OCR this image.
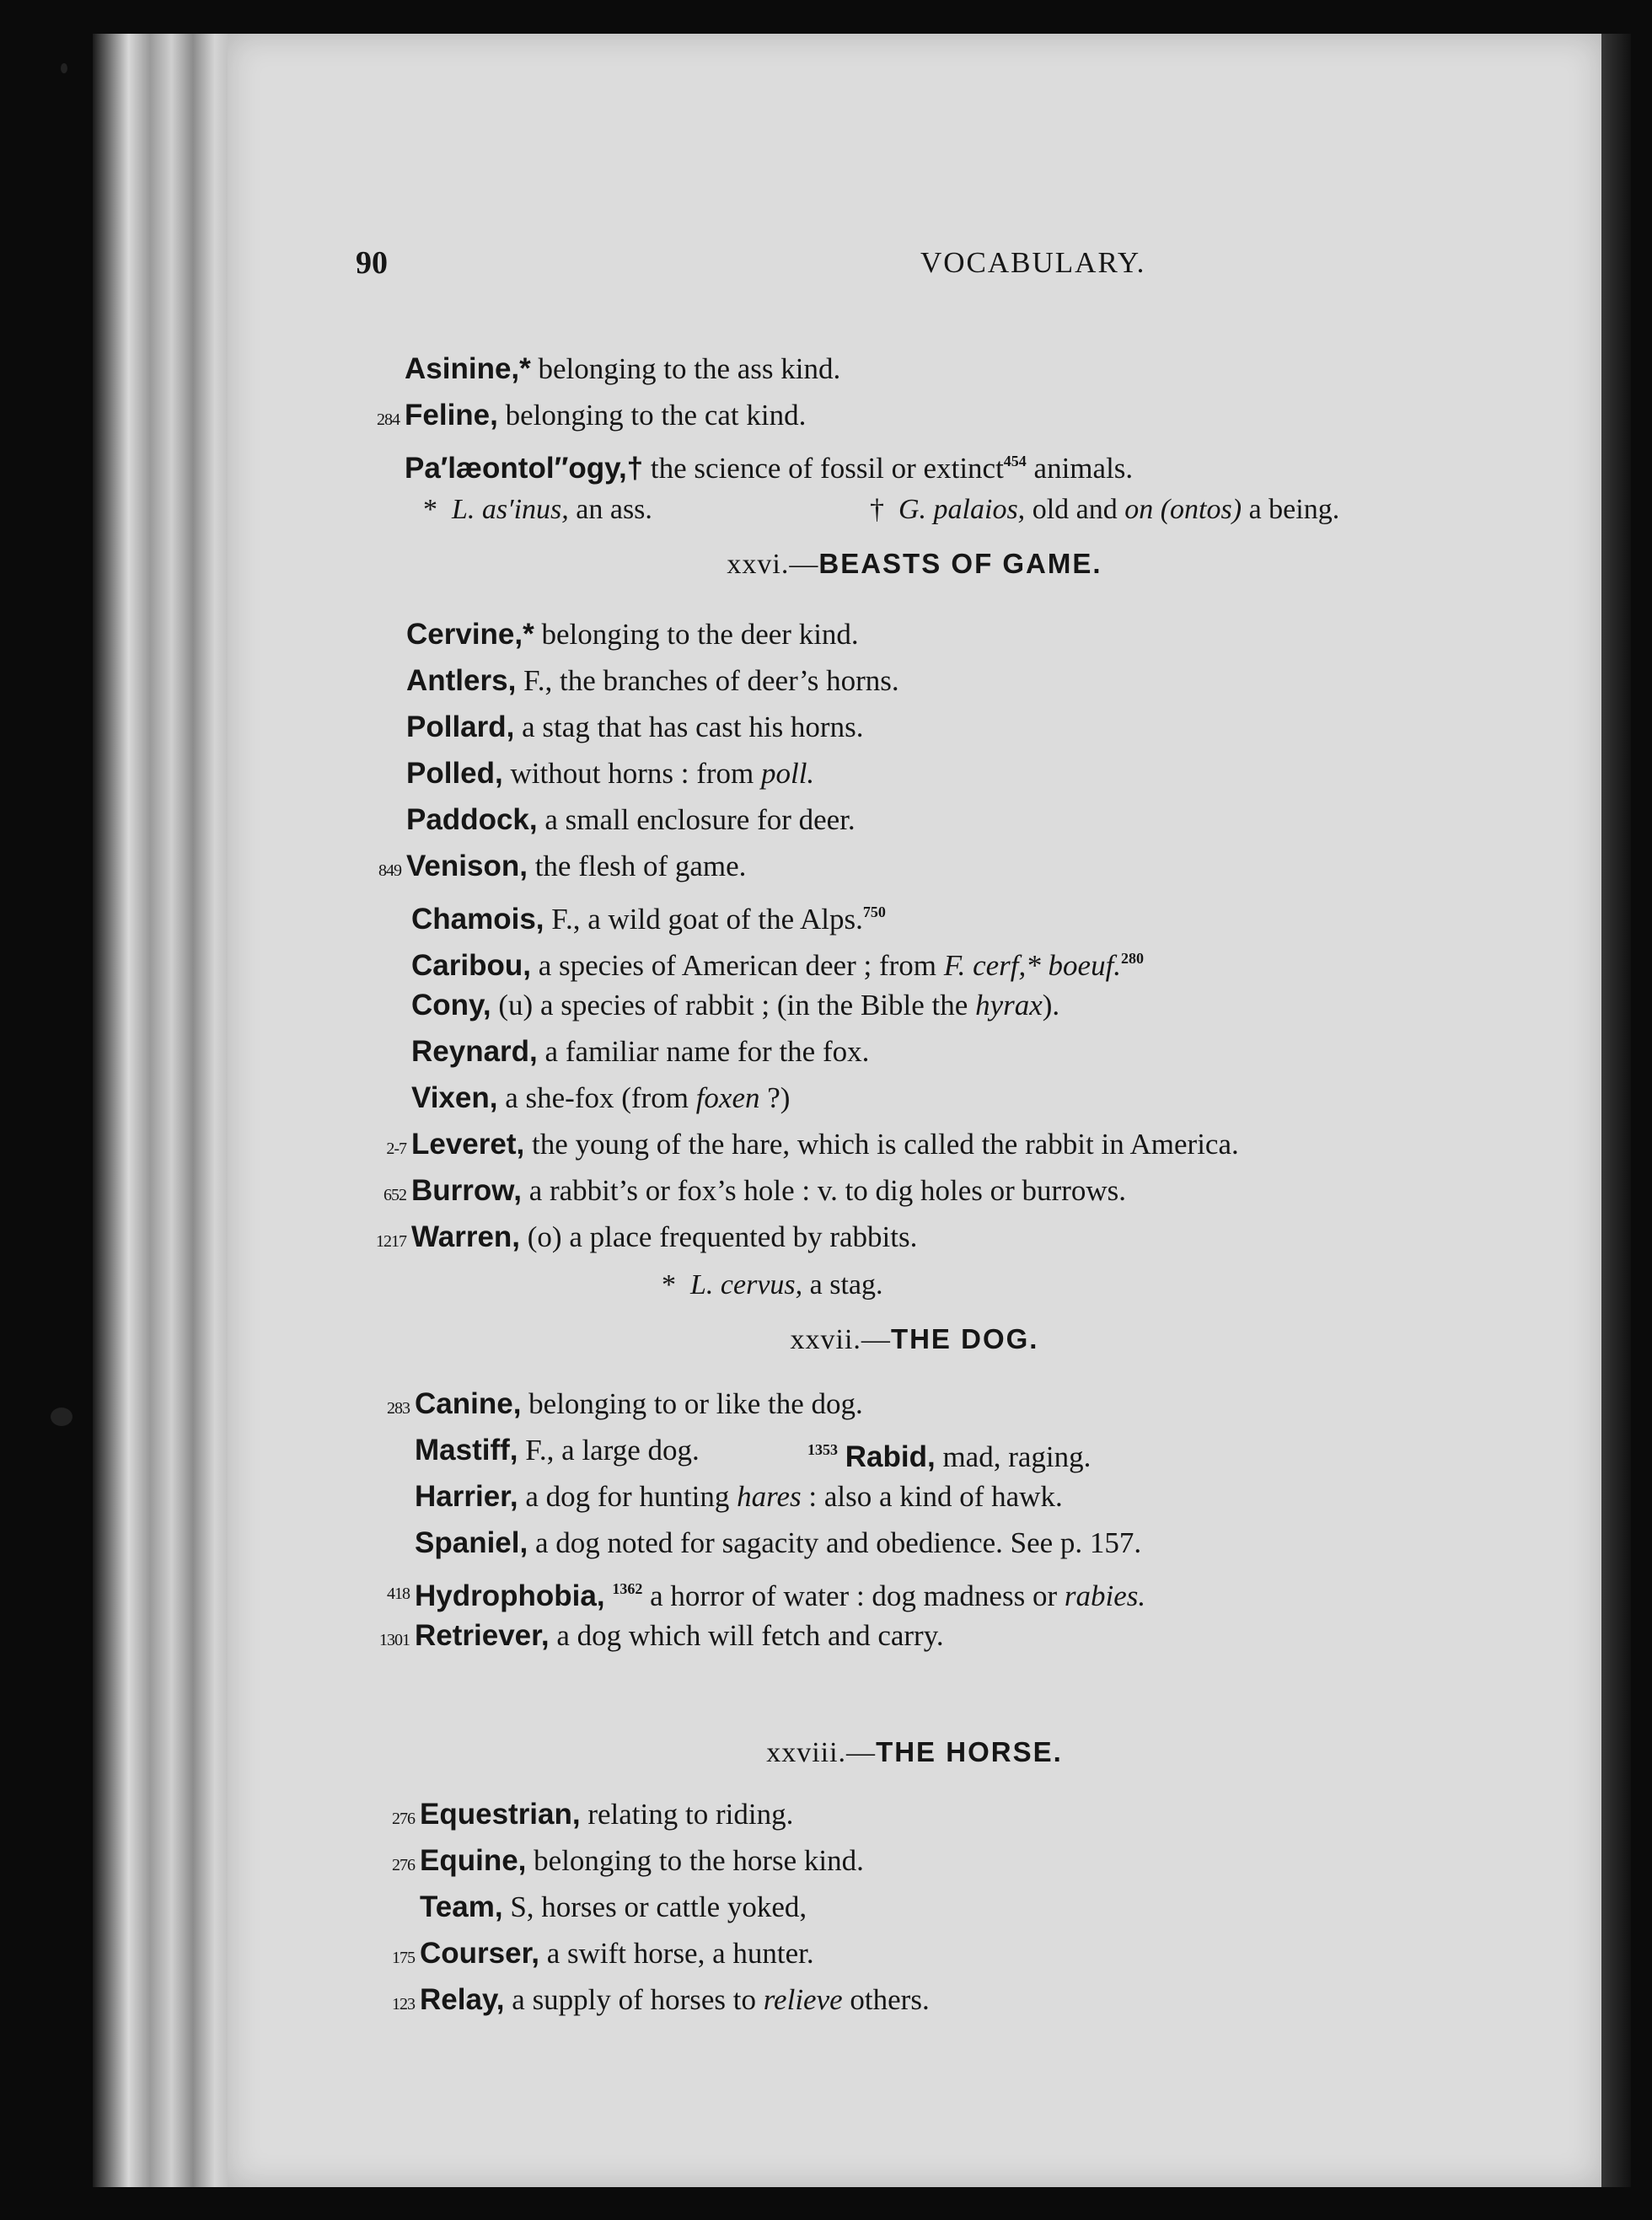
90	VOCABULARY.
Asinine,* belonging to the ass kind.
284 Feline, belonging to the cat kind.
Pa′læontol″ogy,† the science of fossil or extinct$^{454}$ animals.
* L. as′inus, an ass.	† G. palaios, old and on (ontos) a being.
xxvi.—BEASTS OF GAME.
Cervine,* belonging to the deer kind.
Antlers, F., the branches of deer’s horns.
Pollard, a stag that has cast his horns.
Polled, without horns : from poll.
Paddock, a small enclosure for deer.
849 Venison, the flesh of game.
Chamois, F., a wild goat of the Alps.$^{750}$
Caribou, a species of American deer ; from F. cerf,* boeuf.$^{280}$
Cony, (u) a species of rabbit ; (in the Bible the hyrax).
Reynard, a familiar name for the fox.
Vixen, a she-fox (from foxen ?)
2-7 Leveret, the young of the hare, which is called the rabbit in America.
652 Burrow, a rabbit’s or fox’s hole : v. to dig holes or burrows.
1217 Warren, (o) a place frequented by rabbits.
* L. cervus, a stag.
xxvii.—THE DOG.
283 Canine, belonging to or like the dog.
Mastiff, F., a large dog.	$^{1353}$ Rabid, mad, raging.
Harrier, a dog for hunting hares : also a kind of hawk.
Spaniel, a dog noted for sagacity and obedience. See p. 157.
418 Hydrophobia, $^{1362}$ a horror of water : dog madness or rabies.
1301 Retriever, a dog which will fetch and carry.
xxviii.—THE HORSE.
276 Equestrian, relating to riding.
276 Equine, belonging to the horse kind.
Team, S, horses or cattle yoked,
175 Courser, a swift horse, a hunter.
123 Relay, a supply of horses to relieve others.
